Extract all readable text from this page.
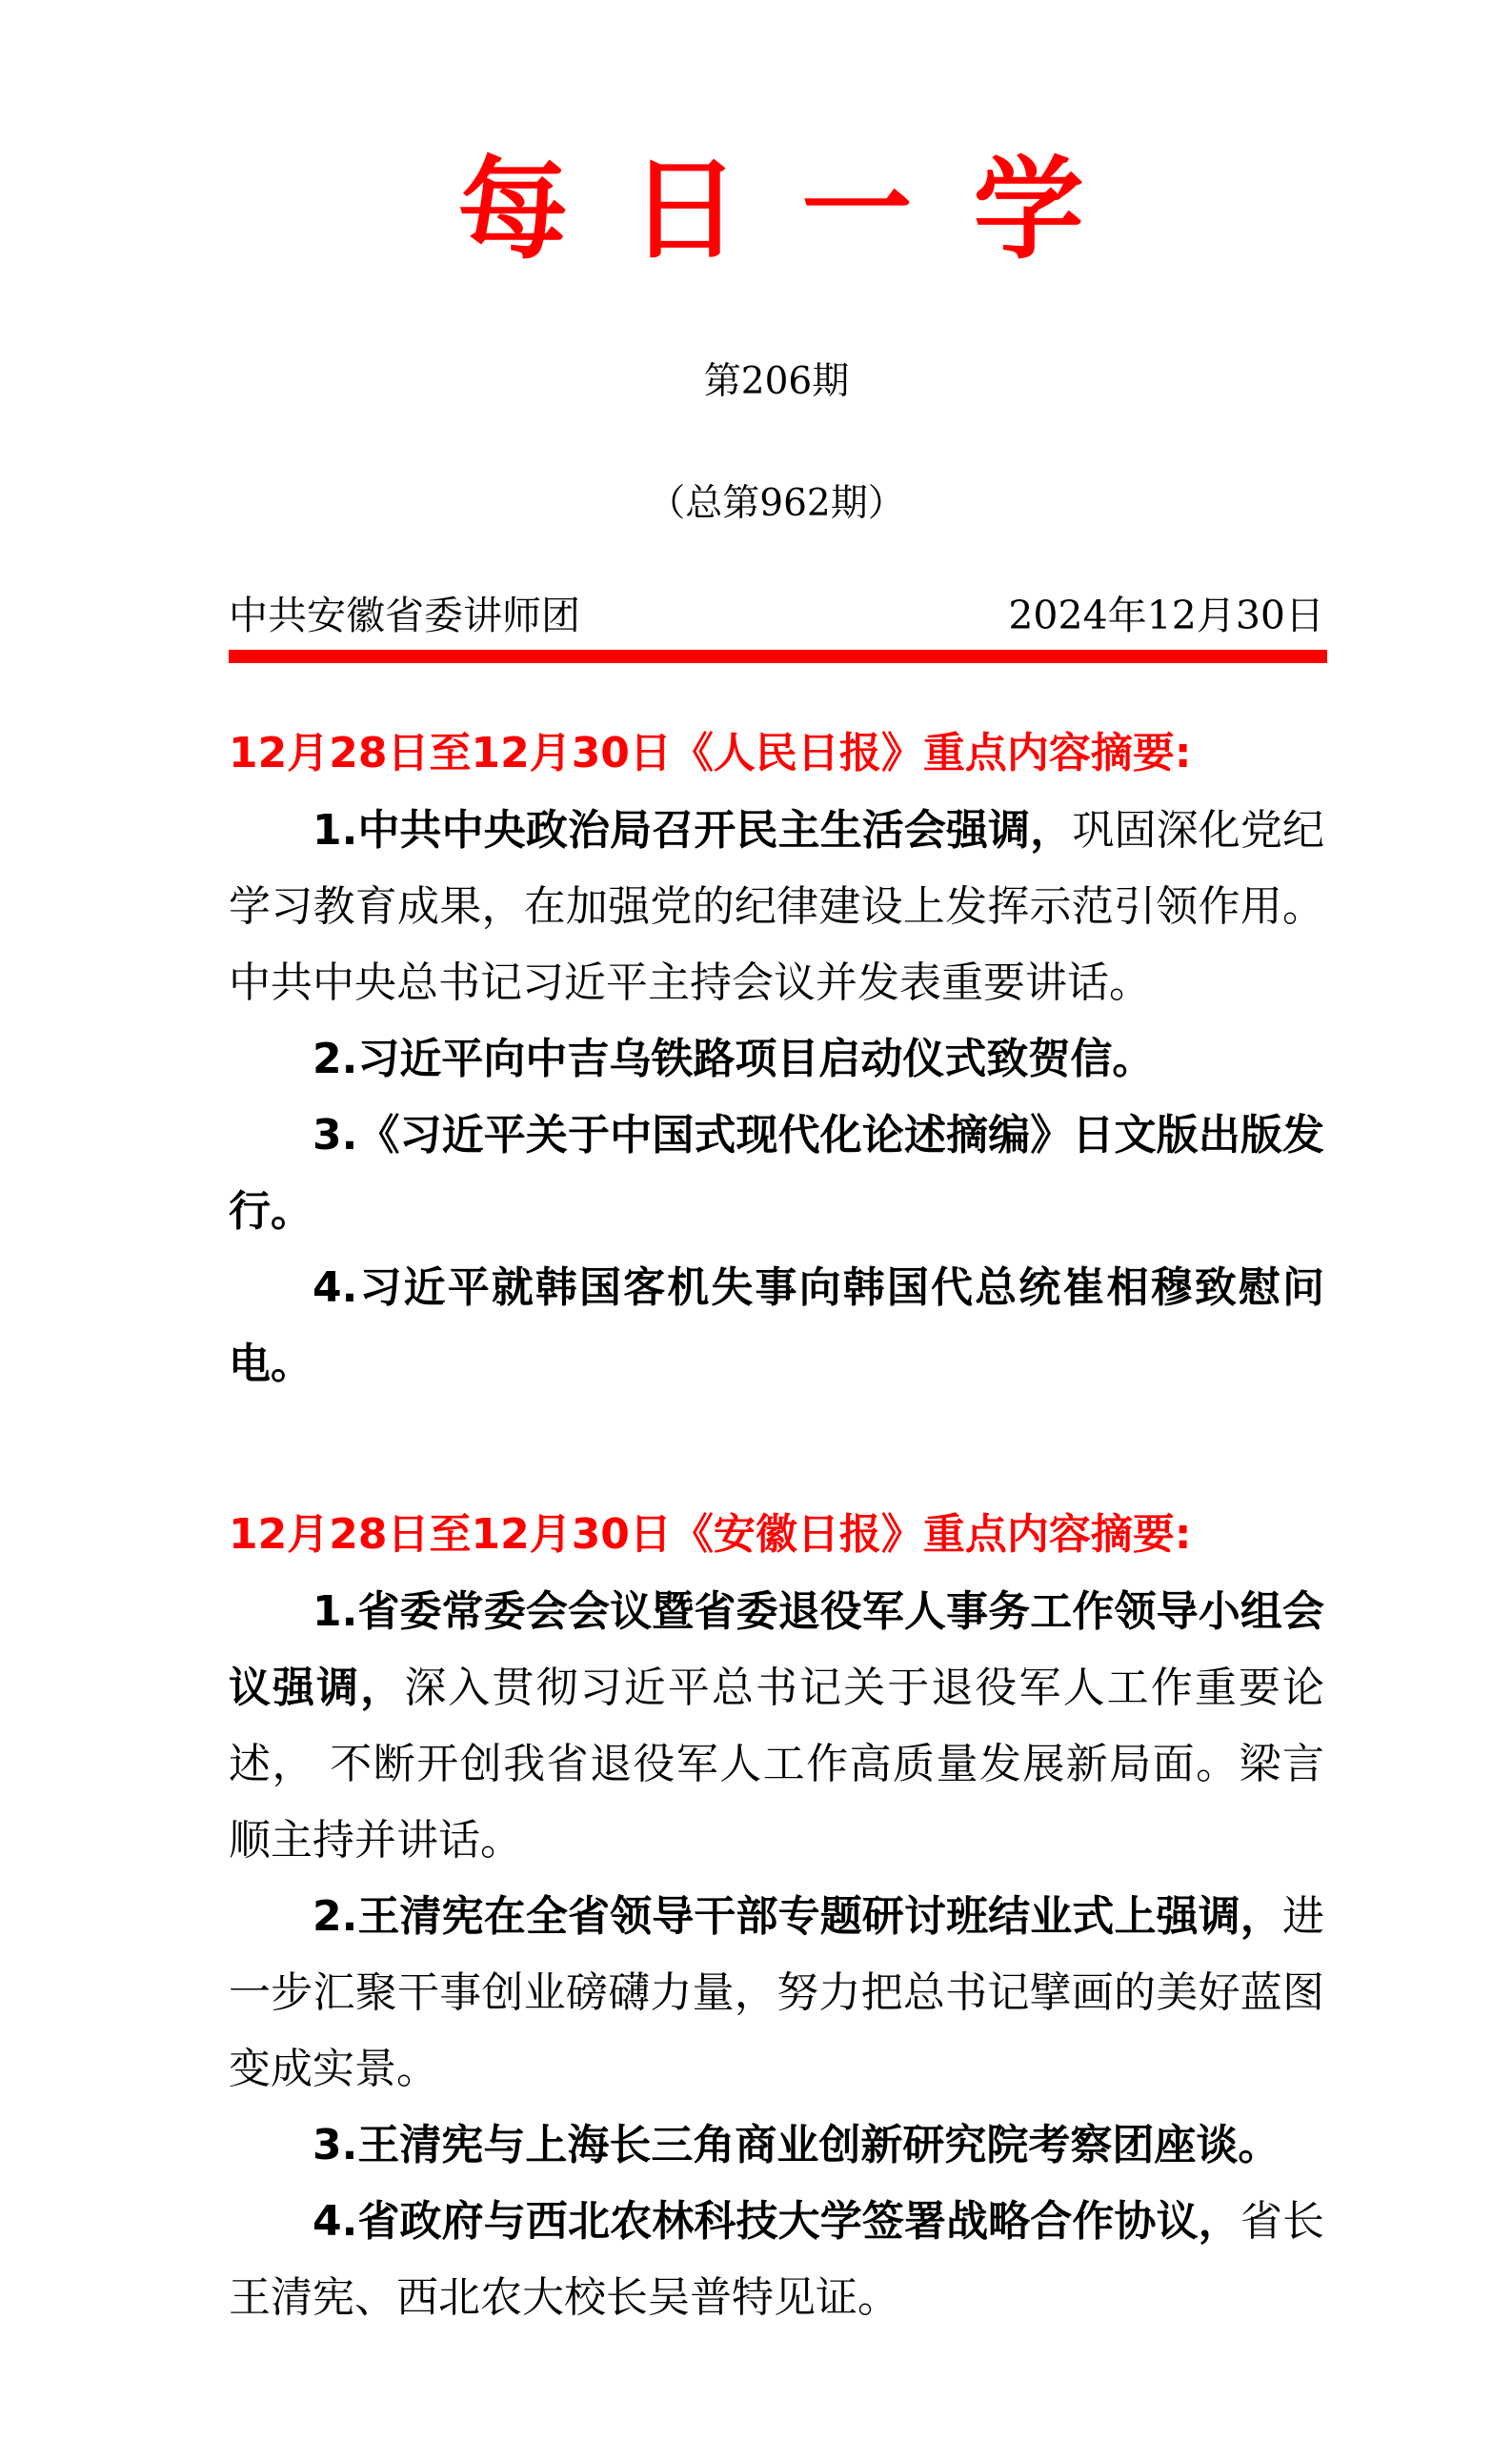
每 日 一 学
第206期
（总第962期）
中共安徽省委讲师团	2024年12月30日
12月28日至12月30日《人民日报》重点内容摘要:

1.中共中央政治局召开民主生活会强调，巩固深化党纪学习教育成果，在加强党的纪律建设上发挥示范引领作用。中共中央总书记习近平主持会议并发表重要讲话。

2.习近平向中吉乌铁路项目启动仪式致贺信。

3.《习近平关于中国式现代化论述摘编》日文版出版发行。

4.习近平就韩国客机失事向韩国代总统崔相穆致慰问电。

12月28日至12月30日《安徽日报》重点内容摘要:

1.省委常委会会议暨省委退役军人事务工作领导小组会议强调，深入贯彻习近平总书记关于退役军人工作重要论述， 不断开创我省退役军人工作高质量发展新局面。梁言顺主持并讲话。

2.王清宪在全省领导干部专题研讨班结业式上强调，进一步汇聚干事创业磅礴力量，努力把总书记擘画的美好蓝图变成实景。

3.王清宪与上海长三角商业创新研究院考察团座谈。

4.省政府与西北农林科技大学签署战略合作协议，省长王清宪、西北农大校长吴普特见证。
